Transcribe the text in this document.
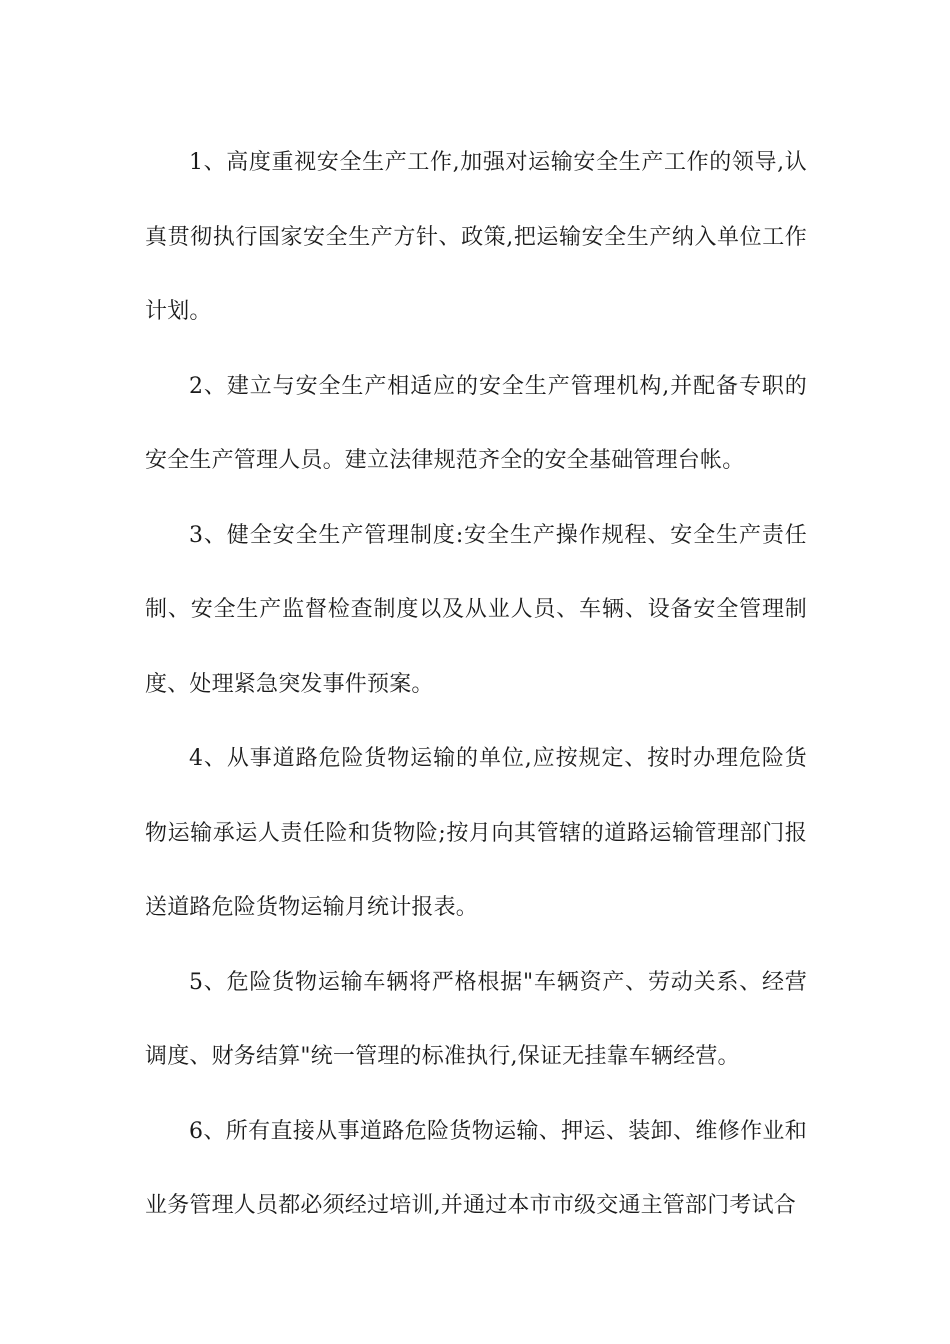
1、高度重视安全生产工作,加强对运输安全生产工作的领导,认真贯彻执行国家安全生产方针、政策,把运输安全生产纳入单位工作计划。

2、建立与安全生产相适应的安全生产管理机构,并配备专职的安全生产管理人员。建立法律规范齐全的安全基础管理台帐。

3、健全安全生产管理制度:安全生产操作规程、安全生产责任制、安全生产监督检查制度以及从业人员、车辆、设备安全管理制度、处理紧急突发事件预案。

4、从事道路危险货物运输的单位,应按规定、按时办理危险货物运输承运人责任险和货物险;按月向其管辖的道路运输管理部门报送道路危险货物运输月统计报表。

5、危险货物运输车辆将严格根据"车辆资产、劳动关系、经营调度、财务结算"统一管理的标准执行,保证无挂靠车辆经营。

6、所有直接从事道路危险货物运输、押运、装卸、维修作业和业务管理人员都必须经过培训,并通过本市市级交通主管部门考试合
